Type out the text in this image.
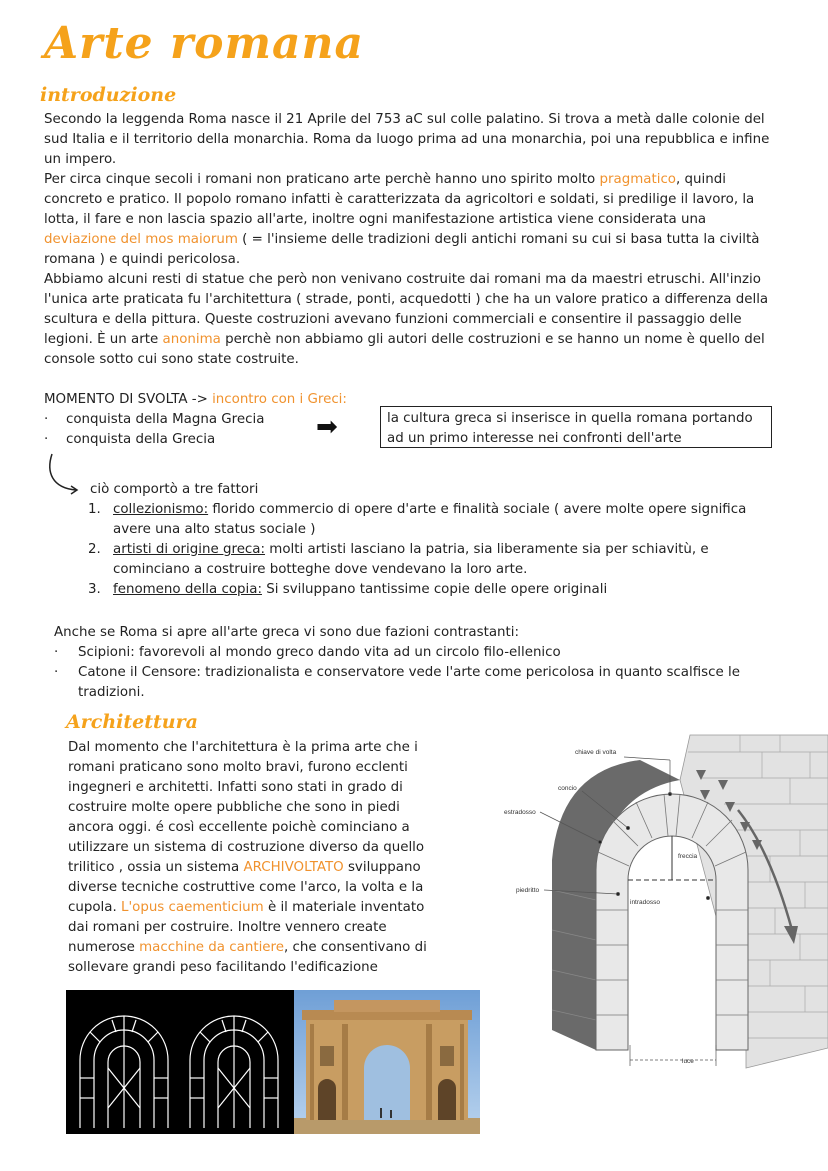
Arte romana
introduzione
Secondo la leggenda Roma nasce il 21 Aprile del 753 aC sul colle palatino. Si trova a metà dalle colonie del sud Italia e il territorio della monarchia. Roma da luogo prima ad una monarchia, poi una repubblica e infine un impero.
Per circa cinque secoli i romani non praticano arte perchè hanno uno spirito molto pragmatico, quindi concreto e pratico. Il popolo romano infatti è caratterizzata da agricoltori e soldati, si predilige il lavoro, la lotta, il fare e non lascia spazio all'arte, inoltre ogni manifestazione artistica viene considerata una deviazione del mos maiorum ( = l'insieme delle tradizioni degli antichi romani su cui si basa tutta la civiltà romana ) e quindi pericolosa.
Abbiamo alcuni resti di statue che però non venivano costruite dai romani ma da maestri etruschi. All'inzio l'unica arte praticata fu l'architettura ( strade, ponti, acquedotti ) che ha un valore pratico a differenza della scultura e della pittura. Queste costruzioni avevano funzioni commerciali e consentire il passaggio delle legioni. È un arte anonima perchè non abbiamo gli autori delle costruzioni e se hanno un nome è quello del console sotto cui sono state costruite.
MOMENTO DI SVOLTA -> incontro con i Greci:
· conquista della Magna Grecia
· conquista della Grecia	➡	la cultura greca si inserisce in quella romana portando ad un primo interesse nei confronti dell'arte
ciò comportò a tre fattori
1. collezionismo: florido commercio di opere d'arte e finalità sociale ( avere molte opere significa avere una alto status sociale )
2. artisti di origine greca: molti artisti lasciano la patria, sia liberamente sia per schiavitù, e cominciano a costruire botteghe dove vendevano la loro arte.
3. fenomeno della copia: Si sviluppano tantissime copie delle opere originali
Anche se Roma si apre all'arte greca vi sono due fazioni contrastanti:
· Scipioni: favorevoli al mondo greco dando vita ad un circolo filo-ellenico
· Catone il Censore: tradizionalista e conservatore vede l'arte come pericolosa in quanto scalfisce le tradizioni.
Architettura
Dal momento che l'architettura è la prima arte che i romani praticano sono molto bravi, furono ecclenti ingegneri e architetti. Infatti sono stati in grado di costruire molte opere pubbliche che sono in piedi ancora oggi. é così eccellente poichè cominciano a utilizzare un sistema di costruzione diverso da quello trilitico , ossia un sistema ARCHIVOLTATO sviluppano diverse tecniche costruttive come l'arco, la volta e la cupola. L'opus caementicium è il materiale inventato dai romani per costruire. Inoltre vennero create numerose macchine da cantiere, che consentivano di sollevare grandi peso facilitando l'edificazione
chiave di volta
concio
estradosso
freccia
piedritto
intradosso
luce
